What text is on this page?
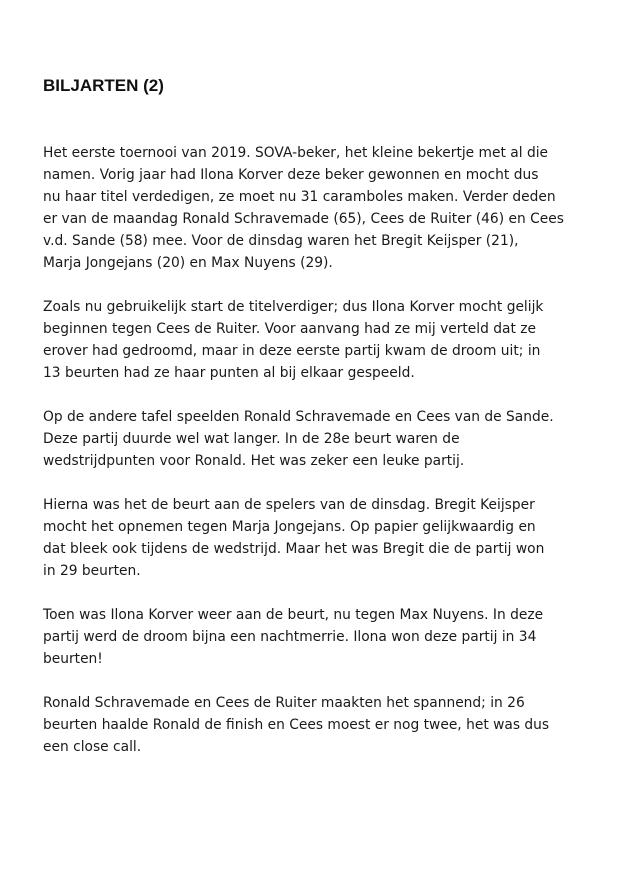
BILJARTEN (2)

Het eerste toernooi van 2019. SOVA-beker, het kleine bekertje met al die
namen. Vorig jaar had Ilona Korver deze beker gewonnen en mocht dus
nu haar titel verdedigen, ze moet nu 31 caramboles maken. Verder deden
er van de maandag Ronald Schravemade (65), Cees de Ruiter (46) en Cees
v.d. Sande (58) mee. Voor de dinsdag waren het Bregit Keijsper (21),
Marja Jongejans (20) en Max Nuyens (29).

Zoals nu gebruikelijk start de titelverdiger; dus Ilona Korver mocht gelijk
beginnen tegen Cees de Ruiter. Voor aanvang had ze mij verteld dat ze
erover had gedroomd, maar in deze eerste partij kwam de droom uit; in
13 beurten had ze haar punten al bij elkaar gespeeld.

Op de andere tafel speelden Ronald Schravemade en Cees van de Sande.
Deze partij duurde wel wat langer. In de 28e beurt waren de
wedstrijdpunten voor Ronald. Het was zeker een leuke partij.

Hierna was het de beurt aan de spelers van de dinsdag. Bregit Keijsper
mocht het opnemen tegen Marja Jongejans. Op papier gelijkwaardig en
dat bleek ook tijdens de wedstrijd. Maar het was Bregit die de partij won
in 29 beurten.

Toen was Ilona Korver weer aan de beurt, nu tegen Max Nuyens. In deze
partij werd de droom bijna een nachtmerrie. Ilona won deze partij in 34
beurten!

Ronald Schravemade en Cees de Ruiter maakten het spannend; in 26
beurten haalde Ronald de finish en Cees moest er nog twee, het was dus
een close call.
